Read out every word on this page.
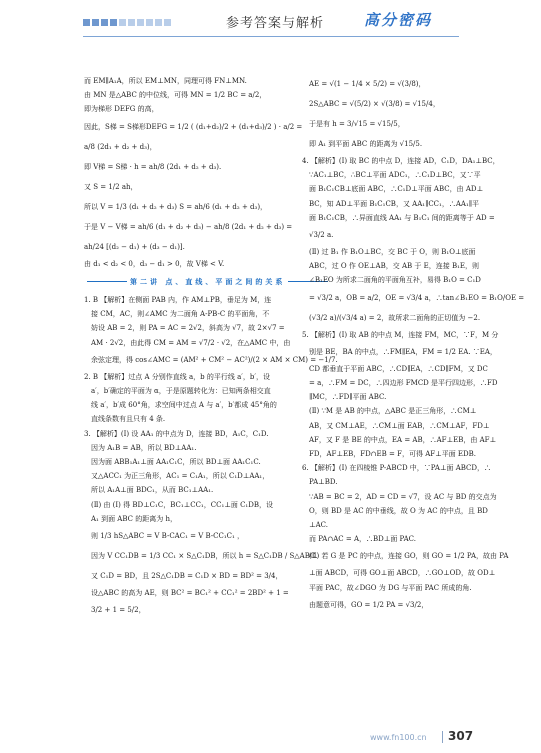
参考答案与解析	高分密码

而 EM∥A₁A，所以 EM⊥MN，同理可得 FN⊥MN.

由 MN 是△ABC 的中位线，可得 MN = 1/2 BC = a/2，

即为梯形 DEFG 的高，

因此，S梯 = S梯形DEFG = 1/2 ( (d₁+d₂)/2 + (d₁+d₃)/2 ) · a/2 =

a/8 (2d₁ + d₂ + d₃)，

即 V梯 = S梯 · h = ah/8 (2d₁ + d₂ + d₃).

又 S = 1/2 ah，

所以 V = 1/3 (d₁ + d₂ + d₃) S = ah/6 (d₁ + d₂ + d₃)，

于是 V − V梯 = ah/6 (d₁ + d₂ + d₃) − ah/8 (2d₁ + d₂ + d₃) =

ah/24 [(d₂ − d₁) + (d₃ − d₁)].

由 d₁ < d₂ < 0，d₃ − d₁ > 0，故 V梯 < V.

第二讲 点、直线、平面之间的关系

1. B 【解析】在侧面 PAB 内，作 AM⊥PB，垂足为 M，连

接 CM，AC，则∠AMC 为二面角 A-PB-C 的平面角，不

妨设 AB = 2，则 PA = AC = 2√2，斜高为 √7，故 2×√7 =

AM · 2√2，由此得 CM = AM = √7/2 · √2，在△AMC 中，由

余弦定理，得 cos∠AMC = (AM² + CM² − AC²)/(2 × AM × CM) = −1/7.

2. B 【解析】过点 A 分别作直线 a，b 的平行线 a′，b′，设

a′，b′确定的平面为 α，于是原题转化为：已知两条相交直

线 a′，b′成 60°角，求空间中过点 A 与 a′，b′都成 45°角的

直线条数有且只有 4 条.

3. 【解析】(Ⅰ) 设 AA₁ 的中点为 D，连接 BD，A₁C，C₁D.

因为 A₁B = AB，所以 BD⊥AA₁.

因为面 ABB₁A₁⊥面 AA₁C₁C，所以 BD⊥面 AA₁C₁C.

又△ACC₁ 为正三角形，AC₁ = C₁A₁，所以 C₁D⊥AA₁，

所以 A₁A⊥面 BDC₁，从而 BC₁⊥AA₁.

(Ⅱ) 由 (Ⅰ) 得 BD⊥C₁C，BC₁⊥CC₁，CC₁⊥面 C₁DB，设

A₁ 到面 ABC 的距离为 h，

则 1/3 hS△ABC = V B-CAC₁ = V B-CC₁C₁ ，

因为 V CC₁DB = 1/3 CC₁ × S△C₁DB，所以 h = S△C₁DB / S△ABC.

又 C₁D = BD，且 2S△C₁DB = C₁D × BD = BD² = 3/4，

设△ABC 的高为 AE，则 BC² = BC₁² + CC₁² = 2BD² + 1 =

3/2 + 1 = 5/2，

AE = √(1 − 1/4 × 5/2) = √(3/8)，

2S△ABC = √(5/2) × √(3/8) = √15/4，

于是有 h = 3/√15 = √15/5，

即 A₁ 到平面 ABC 的距离为 √15/5.

4. 【解析】(Ⅰ) 取 BC 的中点 D，连接 AD，C₁D，DA₁⊥BC，

∵AC₁⊥BC，∴BC⊥平面 ADC₁，∴C₁D⊥BC，又∵平

面 B₁C₁CB⊥底面 ABC，∴C₁D⊥平面 ABC，由 AD⊥

BC，知 AD⊥平面 B₁C₁CB，又 AA₁∥CC₁，∴AA₁∥平

面 B₁C₁CB，∴异面直线 AA₁ 与 B₁C₁ 间的距离等于 AD =

√3/2 a.

(Ⅱ) 过 B₁ 作 B₁O⊥BC，交 BC 于 O，则 B₁O⊥底面

ABC，过 O 作 OE⊥AB，交 AB 于 E，连接 B₁E，则

∠B₁EO 为所求二面角的平面角互补，易得 B₁O = C₁D

= √3/2 a，OB = a/2，OE = √3/4 a，∴tan∠B₁EO = B₁O/OE =

(√3/2 a)/(√3/4 a) = 2，故所求二面角的正切值为 −2.

5. 【解析】(Ⅰ) 取 AB 的中点 M，连接 FM，MC，∵F，M 分

别是 BE，BA 的中点，∴FM∥EA，FM = 1/2 EA. ∵EA，

CD 都垂直于平面 ABC，∴CD∥EA，∴CD∥FM，又 DC

= a，∴FM = DC，∴四边形 FMCD 是平行四边形，∴FD

∥MC，∴FD∥平面 ABC.

(Ⅱ) ∵M 是 AB 的中点，△ABC 是正三角形，∴CM⊥

AB，又 CM⊥AE，∴CM⊥面 EAB，∴CM⊥AF，FD⊥

AF，又 F 是 BE 的中点，EA = AB，∴AF⊥EB，由 AF⊥

FD，AF⊥EB，FD∩EB = F，可得 AF⊥平面 EDB.

6. 【解析】(Ⅰ) 在四棱锥 P-ABCD 中，∵PA⊥面 ABCD，∴

PA⊥BD.

∵AB = BC = 2，AD = CD = √7，设 AC 与 BD 的交点为

O，则 BD 是 AC 的中垂线，故 O 为 AC 的中点，且 BD

⊥AC.

而 PA∩AC = A，∴BD⊥面 PAC.

(Ⅱ) 若 G 是 PC 的中点，连接 GO，则 GO = 1/2 PA，故由 PA

⊥面 ABCD，可得 GO⊥面 ABCD，∴GO⊥OD，故 OD⊥

平面 PAC，故∠DGO 为 DG 与平面 PAC 所成的角.

由题意可得，GO = 1/2 PA = √3/2，

www.fn100.cn 307
